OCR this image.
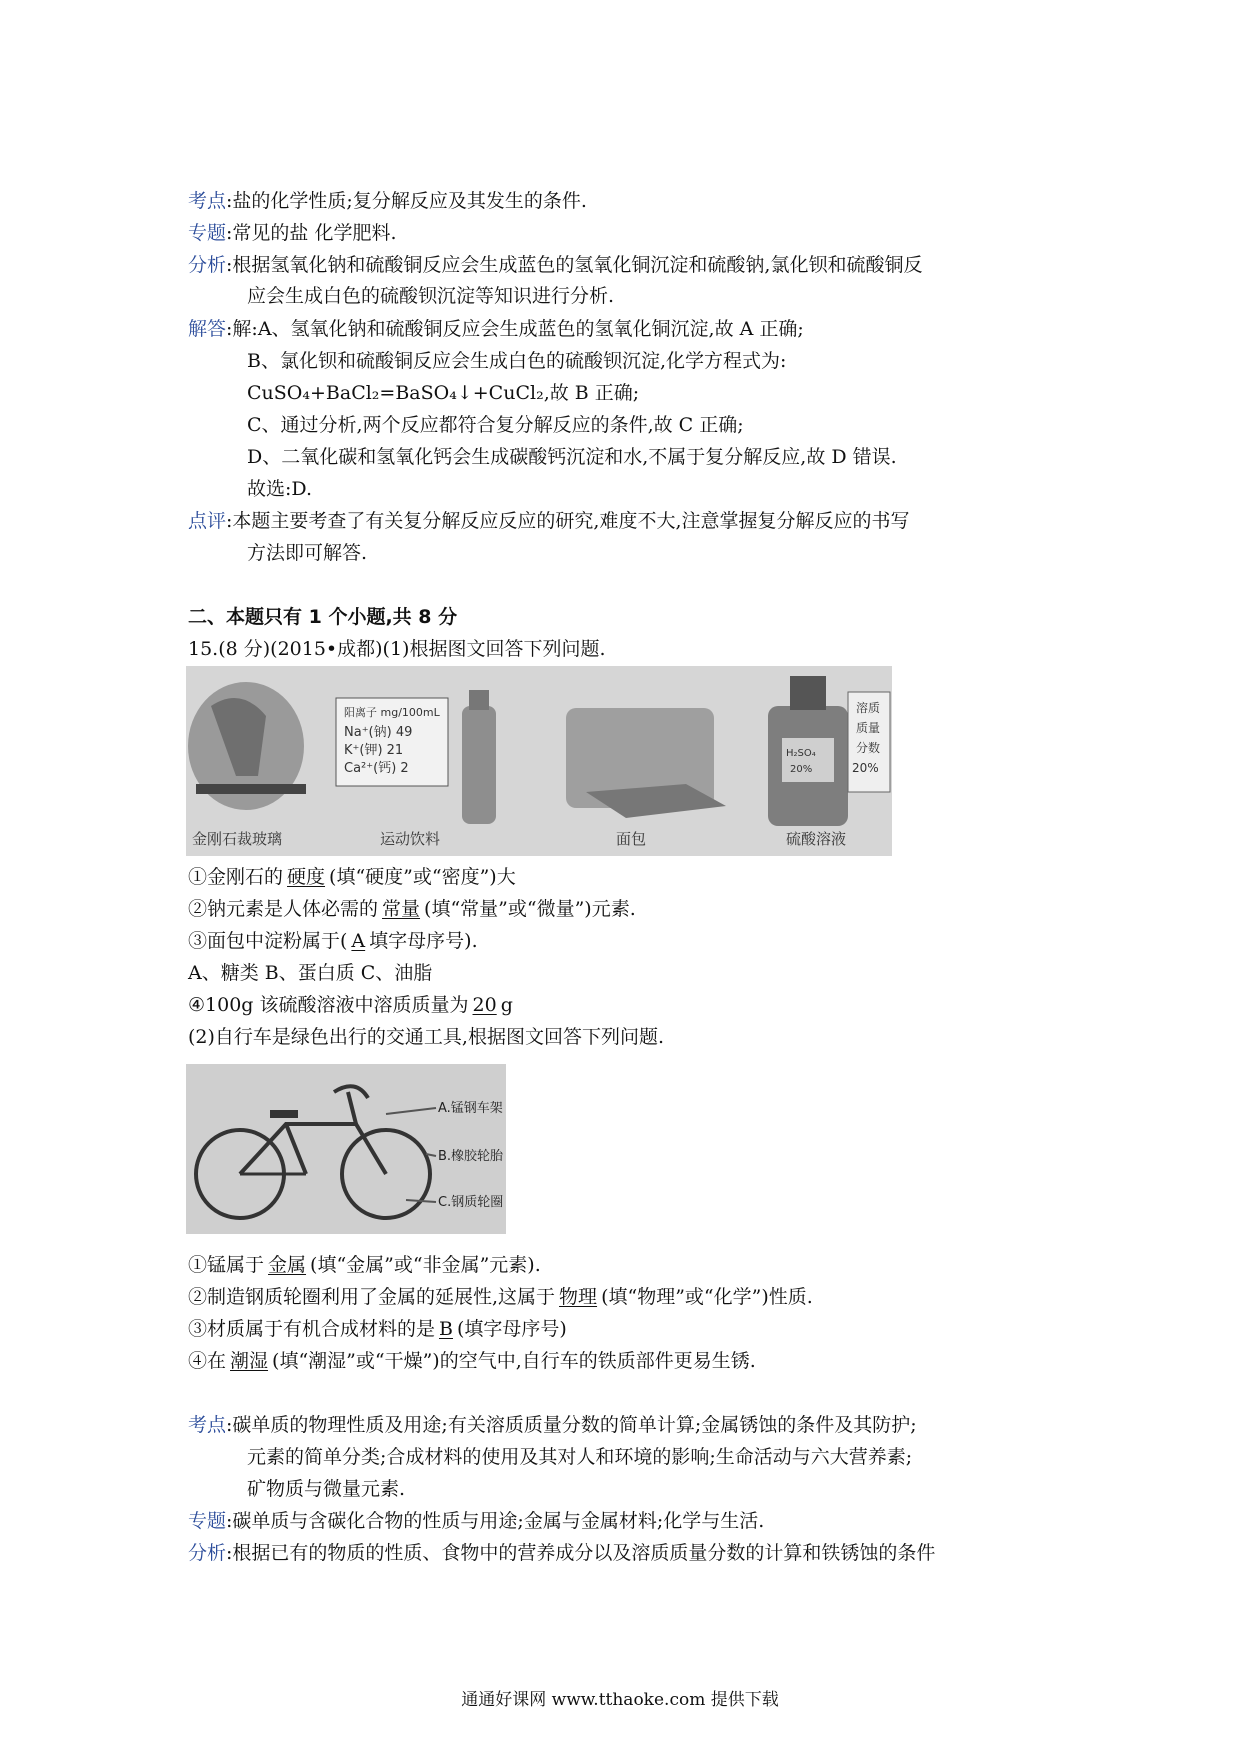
考点:盐的化学性质;复分解反应及其发生的条件.
专题:常见的盐 化学肥料.
分析:根据氢氧化钠和硫酸铜反应会生成蓝色的氢氧化铜沉淀和硫酸钠,氯化钡和硫酸铜反
应会生成白色的硫酸钡沉淀等知识进行分析.
解答:解:A、氢氧化钠和硫酸铜反应会生成蓝色的氢氧化铜沉淀,故 A 正确;
B、氯化钡和硫酸铜反应会生成白色的硫酸钡沉淀,化学方程式为:
CuSO₄+BaCl₂=BaSO₄↓+CuCl₂,故 B 正确;
C、通过分析,两个反应都符合复分解反应的条件,故 C 正确;
D、二氧化碳和氢氧化钙会生成碳酸钙沉淀和水,不属于复分解反应,故 D 错误.
故选:D.
点评:本题主要考查了有关复分解反应反应的研究,难度不大,注意掌握复分解反应的书写
方法即可解答.
二、本题只有 1 个小题,共 8 分
15.(8 分)(2015•成都)(1)根据图文回答下列问题.
阳离子 mg/100mL
Na⁺(钠) 49
K⁺(钾) 21
Ca²⁺(钙) 2
H₂SO₄
20%
溶质
质量
分数
20%
金刚石裁玻璃	运动饮料	面包	硫酸溶液
①金刚石的 硬度 (填“硬度”或“密度”)大
②钠元素是人体必需的 常量 (填“常量”或“微量”)元素.
③面包中淀粉属于( A 填字母序号).
A、糖类 B、蛋白质 C、油脂
④100g 该硫酸溶液中溶质质量为 20 g
(2)自行车是绿色出行的交通工具,根据图文回答下列问题.
A.锰钢车架
B.橡胶轮胎
C.钢质轮圈
①锰属于 金属 (填“金属”或“非金属”元素).
②制造钢质轮圈利用了金属的延展性,这属于 物理 (填“物理”或“化学”)性质.
③材质属于有机合成材料的是 B (填字母序号)
④在 潮湿 (填“潮湿”或“干燥”)的空气中,自行车的铁质部件更易生锈.
考点:碳单质的物理性质及用途;有关溶质质量分数的简单计算;金属锈蚀的条件及其防护;
元素的简单分类;合成材料的使用及其对人和环境的影响;生命活动与六大营养素;
矿物质与微量元素.
专题:碳单质与含碳化合物的性质与用途;金属与金属材料;化学与生活.
分析:根据已有的物质的性质、食物中的营养成分以及溶质质量分数的计算和铁锈蚀的条件
通通好课网 www.tthaoke.com 提供下载
